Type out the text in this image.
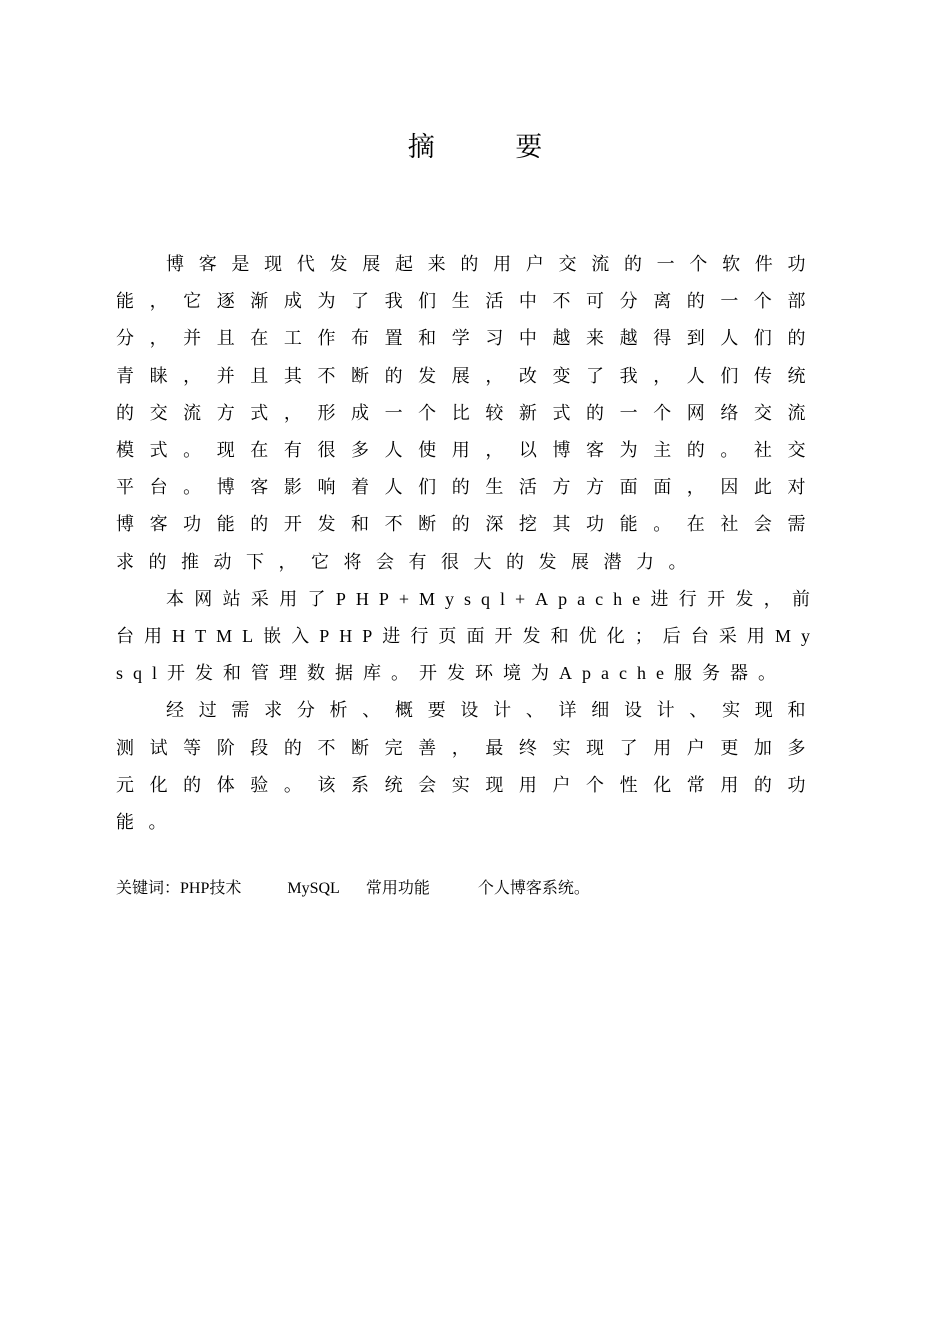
摘 要

博客是现代发展起来的用户交流的一个软件功能，它逐渐成为了我们生活中不可分离的一个部分，并且在工作布置和学习中越来越得到人们的青睐，并且其不断的发展，改变了我，人们传统的交流方式，形成一个比较新式的一个网络交流模式。现在有很多人使用，以博客为主的。社交平台。博客影响着人们的生活方方面面，因此对博客功能的开发和不断的深挖其功能。在社会需求的推动下，它将会有很大的发展潜力。

本网站采用了PHP+Mysql+Apache进行开发，前台用HTML嵌入PHP进行页面开发和优化；后台采用Mysql开发和管理数据库。开发环境为Apache服务器。

经过需求分析、概要设计、详细设计、实现和测试等阶段的不断完善，最终实现了用户更加多元化的体验。该系统会实现用户个性化常用的功能。

关键词：PHP技术	MySQL 常用功能	个人博客系统。
